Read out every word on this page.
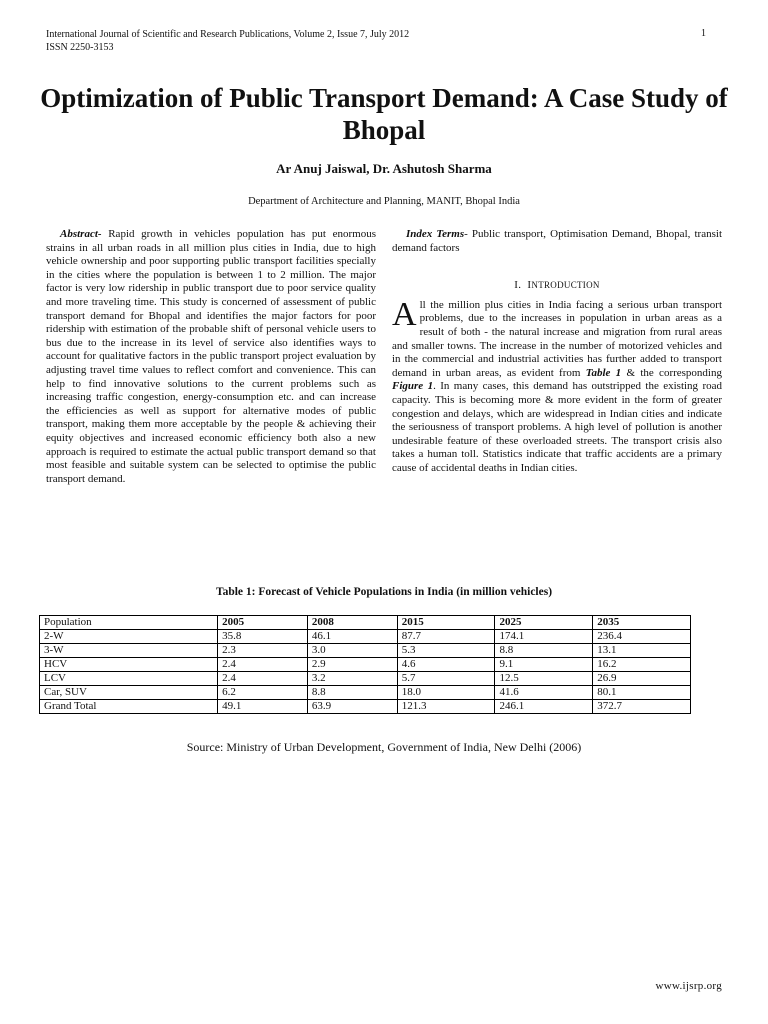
International Journal of Scientific and Research Publications, Volume 2, Issue 7, July 2012
ISSN 2250-3153
1
Optimization of Public Transport Demand: A Case Study of Bhopal
Ar Anuj Jaiswal, Dr. Ashutosh Sharma
Department of Architecture and Planning, MANIT, Bhopal India

Abstract- Rapid growth in vehicles population has put enormous strains in all urban roads in all million plus cities in India, due to high vehicle ownership and poor supporting public transport facilities specially in the cities where the population is between 1 to 2 million. The major factor is very low ridership in public transport due to poor service quality and more traveling time. This study is concerned of assessment of public transport demand for Bhopal and identifies the major factors for poor ridership with estimation of the probable shift of personal vehicle users to bus due to the increase in its level of service also identifies ways to account for qualitative factors in the public transport project evaluation by adjusting travel time values to reflect comfort and convenience. This can help to find innovative solutions to the current problems such as increasing traffic congestion, energy-consumption etc. and can increase the efficiencies as well as support for alternative modes of public transport, making them more acceptable by the people & achieving their equity objectives and increased economic efficiency both also a new approach is required to estimate the actual public transport demand so that most feasible and suitable system can be selected to optimise the public transport demand.

Index Terms- Public transport, Optimisation Demand, Bhopal, transit demand factors

I. INTRODUCTION

All the million plus cities in India facing a serious urban transport problems, due to the increases in population in urban areas as a result of both - the natural increase and migration from rural areas and smaller towns. The increase in the number of motorized vehicles and in the commercial and industrial activities has further added to transport demand in urban areas, as evident from Table 1 & the corresponding Figure 1. In many cases, this demand has outstripped the existing road capacity. This is becoming more & more evident in the form of greater congestion and delays, which are widespread in Indian cities and indicate the seriousness of transport problems. A high level of pollution is another undesirable feature of these overloaded streets. The transport crisis also takes a human toll. Statistics indicate that traffic accidents are a primary cause of accidental deaths in Indian cities.

Table 1: Forecast of Vehicle Populations in India (in million vehicles)
Population	2005	2008	2015	2025	2035
2-W	35.8	46.1	87.7	174.1	236.4
3-W	2.3	3.0	5.3	8.8	13.1
HCV	2.4	2.9	4.6	9.1	16.2
LCV	2.4	3.2	5.7	12.5	26.9
Car, SUV	6.2	8.8	18.0	41.6	80.1
Grand Total	49.1	63.9	121.3	246.1	372.7
Source: Ministry of Urban Development, Government of India, New Delhi (2006)
www.ijsrp.org
